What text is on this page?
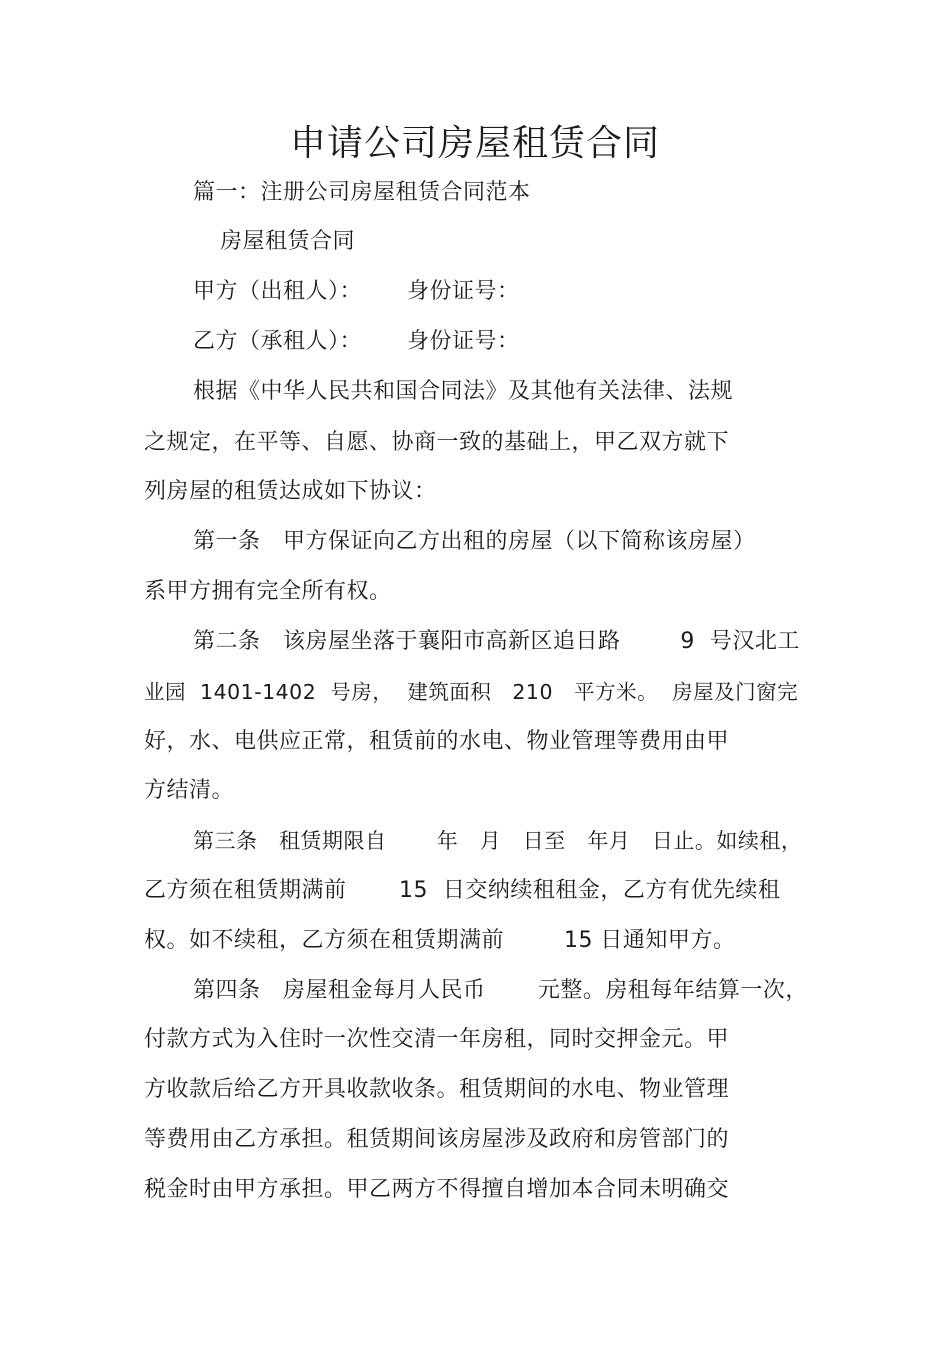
申请公司房屋租赁合同
篇一：注册公司房屋租赁合同范本
房屋租赁合同
甲方（出租人）：      身份证号：
乙方（承租人）：      身份证号：
根据《中华人民共和国合同法》及其他有关法律、法规
之规定，在平等、自愿、协商一致的基础上，甲乙双方就下
列房屋的租赁达成如下协议：
第一条   甲方保证向乙方出租的房屋（以下简称该房屋）
系甲方拥有完全所有权。
第二条   该房屋坐落于襄阳市高新区追日路        9  号汉北工
业园  1401-1402  号房，  建筑面积   210   平方米。  房屋及门窗完
好，水、电供应正常，租赁前的水电、物业管理等费用由甲
方结清。
第三条   租赁期限自       年   月   日至   年月   日止。如续租，
乙方须在租赁期满前       15  日交纳续租租金，乙方有优先续租
权。如不续租，乙方须在租赁期满前        15 日通知甲方。
第四条   房屋租金每月人民币       元整。房租每年结算一次，
付款方式为入住时一次性交清一年房租，同时交押金元。甲
方收款后给乙方开具收款收条。租赁期间的水电、物业管理
等费用由乙方承担。租赁期间该房屋涉及政府和房管部门的
税金时由甲方承担。甲乙两方不得擅自增加本合同未明确交
